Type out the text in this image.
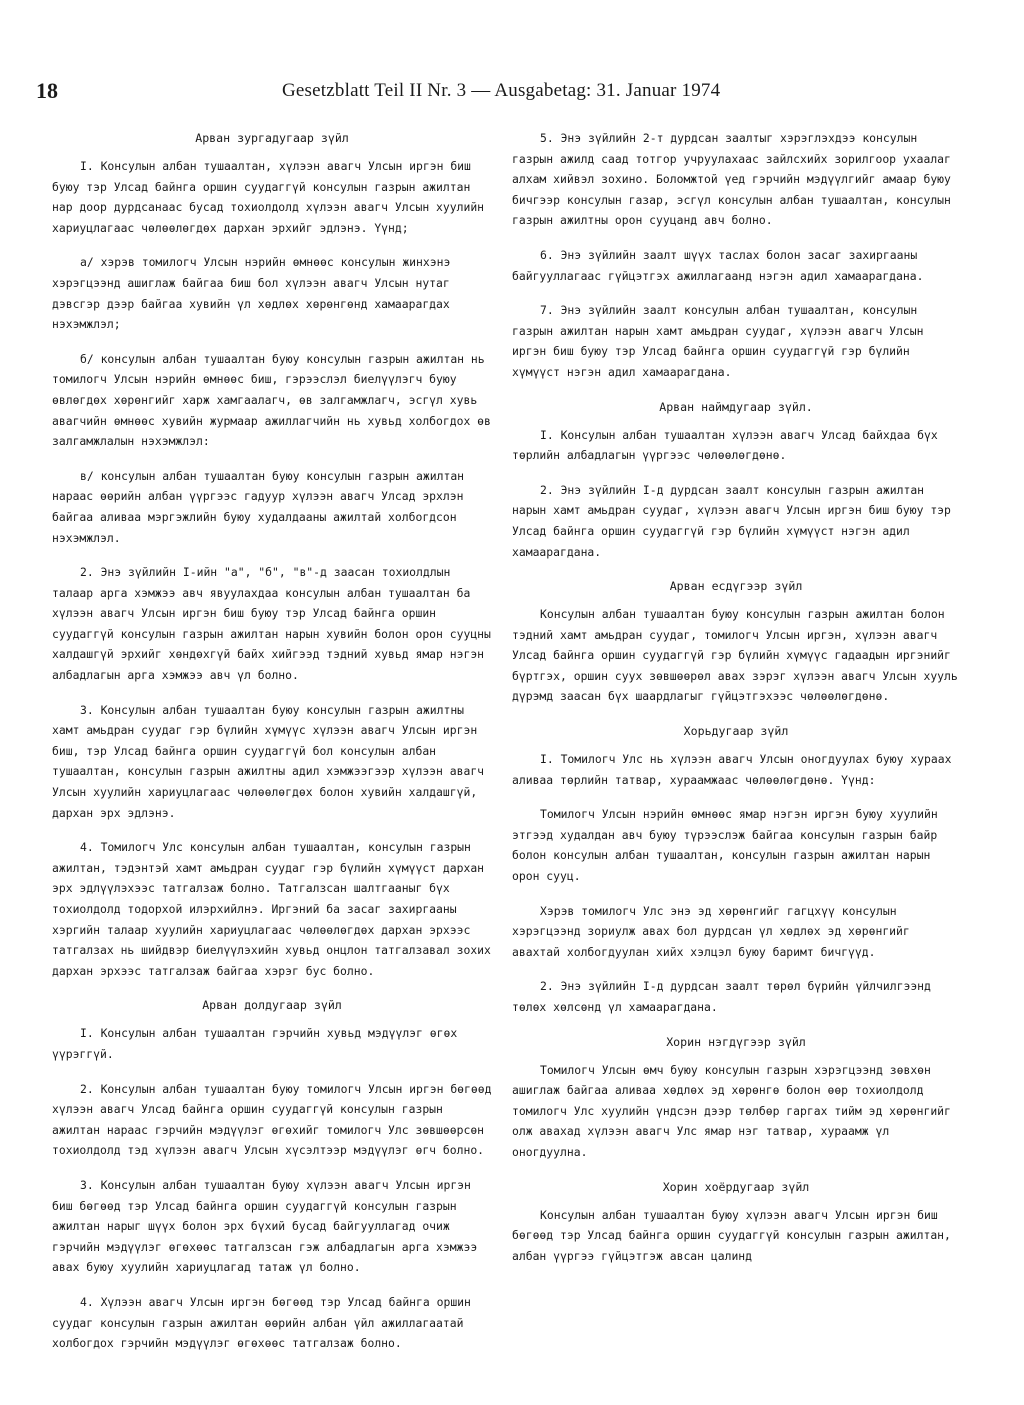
18	Gesetzblatt Teil II Nr. 3 — Ausgabetag: 31. Januar 1974
Арван зургадугаар зүйл

I. Консулын албан тушаалтан, хүлээн авагч Улсын иргэн биш буюу тэр Улсад байнга оршин суудаггүй консулын газрын ажилтан нар доор дурдсанаас бусад тохиолдолд хүлээн авагч Улсын хуулийн хариуцлагаас чөлөөлөгдөх дархан эрхийг эдлэнэ. Үүнд;

а/ хэрэв томилогч Улсын нэрийн өмнөөс консулын жинхэнэ хэрэгцээнд ашиглаж байгаа биш бол хүлээн авагч Улсын нутаг дэвсгэр дээр байгаа хувийн үл хөдлөх хөрөнгөнд хамаарагдах нэхэмжлэл;

б/ консулын албан тушаалтан буюу консулын газрын ажилтан нь томилогч Улсын нэрийн өмнөөс биш, гэрээслэл биелүүлэгч буюу өвлөгдөх хөрөнгийг харж хамгаалагч, өв залгамжлагч, эсгүл хувь авагчийн өмнөөс хувийн журмаар ажиллагчийн нь хувьд холбогдох өв залгамжлалын нэхэмжлэл:

в/ консулын албан тушаалтан буюу консулын газрын ажилтан нараас өөрийн албан үүргээс гадуур хүлээн авагч Улсад эрхлэн байгаа аливаа мэргэжлийн буюу худалдааны ажилтай холбогдсон нэхэмжлэл.

2. Энэ зүйлийн I-ийн "а", "б", "в"-д заасан тохиолдлын талаар арга хэмжээ авч явуулахдаа консулын албан тушаалтан ба хүлээн авагч Улсын иргэн биш буюу тэр Улсад байнга оршин суудаггүй консулын газрын ажилтан нарын хувийн болон орон сууцны халдашгүй эрхийг хөндөхгүй байх хийгээд тэдний хувьд ямар нэгэн албадлагын арга хэмжээ авч үл болно.

3. Консулын албан тушаалтан буюу консулын газрын ажилтны хамт амьдран суудаг гэр бүлийн хүмүүс хүлээн авагч Улсын иргэн биш, тэр Улсад байнга оршин суудаггүй бол консулын албан тушаалтан, консулын газрын ажилтны адил хэмжээгээр хүлээн авагч Улсын хуулийн хариуцлагаас чөлөөлөгдөх болон хувийн халдашгүй, дархан эрх эдлэнэ.

4. Томилогч Улс консулын албан тушаалтан, консулын газрын ажилтан, тэдэнтэй хамт амьдран суудаг гэр бүлийн хүмүүст дархан эрх эдлүүлэхээс татгалзаж болно. Татгалзсан шалтгааныг бүх тохиолдолд тодорхой илэрхийлнэ. Иргэний ба засаг захиргааны хэргийн талаар хуулийн хариуцлагаас чөлөөлөгдөх дархан эрхээс татгалзах нь шийдвэр биелүүлэхийн хувьд онцлон татгалзавал зохих дархан эрхээс татгалзаж байгаа хэрэг бус болно.

Арван долдугаар зүйл

I. Консулын албан тушаалтан гэрчийн хувьд мэдүүлэг өгөх үүрэггүй.

2. Консулын албан тушаалтан буюу томилогч Улсын иргэн бөгөөд хүлээн авагч Улсад байнга оршин суудаггүй консулын газрын ажилтан нараас гэрчийн мэдүүлэг өгөхийг томилогч Улс зөвшөөрсөн тохиолдолд тэд хүлээн авагч Улсын хүсэлтээр мэдүүлэг өгч болно.

3. Консулын албан тушаалтан буюу хүлээн авагч Улсын иргэн биш бөгөөд тэр Улсад байнга оршин суудаггүй консулын газрын ажилтан нарыг шүүх болон эрх бүхий бусад байгууллагад очиж гэрчийн мэдүүлэг өгөхөөс татгалзсан гэж албадлагын арга хэмжээ авах буюу хуулийн хариуцлагад татаж үл болно.

4. Хүлээн авагч Улсын иргэн бөгөөд тэр Улсад байнга оршин суудаг консулын газрын ажилтан өөрийн албан үйл ажиллагаатай холбогдох гэрчийн мэдүүлэг өгөхөөс татгалзаж болно.

5. Энэ зүйлийн 2-т дурдсан заалтыг хэрэглэхдээ консулын газрын ажилд саад тотгор учруулахаас зайлсхийх зорилгоор ухаалаг алхам хийвэл зохино. Боломжтой үед гэрчийн мэдүүлгийг амаар буюу бичгээр консулын газар, эсгүл консулын албан тушаалтан, консулын газрын ажилтны орон сууцанд авч болно.

6. Энэ зүйлийн заалт шүүх таслах болон засаг захиргааны байгууллагаас гүйцэтгэх ажиллагаанд нэгэн адил хамаарагдана.

7. Энэ зүйлийн заалт консулын албан тушаалтан, консулын газрын ажилтан нарын хамт амьдран суудаг, хүлээн авагч Улсын иргэн биш буюу тэр Улсад байнга оршин суудаггүй гэр бүлийн хүмүүст нэгэн адил хамаарагдана.

Арван наймдугаар зүйл.

I. Консулын албан тушаалтан хүлээн авагч Улсад байхдаа бүх төрлийн албадлагын үүргээс чөлөөлөгдөнө.

2. Энэ зүйлийн I-д дурдсан заалт консулын газрын ажилтан нарын хамт амьдран суудаг, хүлээн авагч Улсын иргэн биш буюу тэр Улсад байнга оршин суудаггүй гэр бүлийн хүмүүст нэгэн адил хамаарагдана.

Арван есдүгээр зүйл

Консулын албан тушаалтан буюу консулын газрын ажилтан болон тэдний хамт амьдран суудаг, томилогч Улсын иргэн, хүлээн авагч Улсад байнга оршин суудаггүй гэр бүлийн хүмүүс гадаадын иргэнийг бүртгэх, оршин суух зөвшөөрөл авах зэрэг хүлээн авагч Улсын хууль дүрэмд заасан бүх шаардлагыг гүйцэтгэхээс чөлөөлөгдөнө.

Хорьдугаар зүйл

I. Томилогч Улс нь хүлээн авагч Улсын оногдуулах буюу хураах аливаа төрлийн татвар, хураамжаас чөлөөлөгдөнө. Үүнд:

Томилогч Улсын нэрийн өмнөөс ямар нэгэн иргэн буюу хуулийн этгээд худалдан авч буюу түрээслэж байгаа консулын газрын байр болон консулын албан тушаалтан, консулын газрын ажилтан нарын орон сууц.

Хэрэв томилогч Улс энэ эд хөрөнгийг гагцхүү консулын хэрэгцээнд зориулж авах бол дурдсан үл хөдлөх эд хөрөнгийг авахтай холбогдуулан хийх хэлцэл буюу баримт бичгүүд.

2. Энэ зүйлийн I-д дурдсан заалт төрөл бүрийн үйлчилгээнд төлөх хөлсөнд үл хамаарагдана.

Хорин нэгдүгээр зүйл

Томилогч Улсын өмч буюу консулын газрын хэрэгцээнд зөвхөн ашиглаж байгаа аливаа хөдлөх эд хөрөнгө болон өөр тохиолдолд томилогч Улс хуулийн үндсэн дээр төлбөр гаргах тийм эд хөрөнгийг олж авахад хүлээн авагч Улс ямар нэг татвар, хураамж үл оногдуулна.

Хорин хоёрдугаар зүйл

Консулын албан тушаалтан буюу хүлээн авагч Улсын иргэн биш бөгөөд тэр Улсад байнга оршин суудаггүй консулын газрын ажилтан, албан үүргээ гүйцэтгэж авсан цалинд
